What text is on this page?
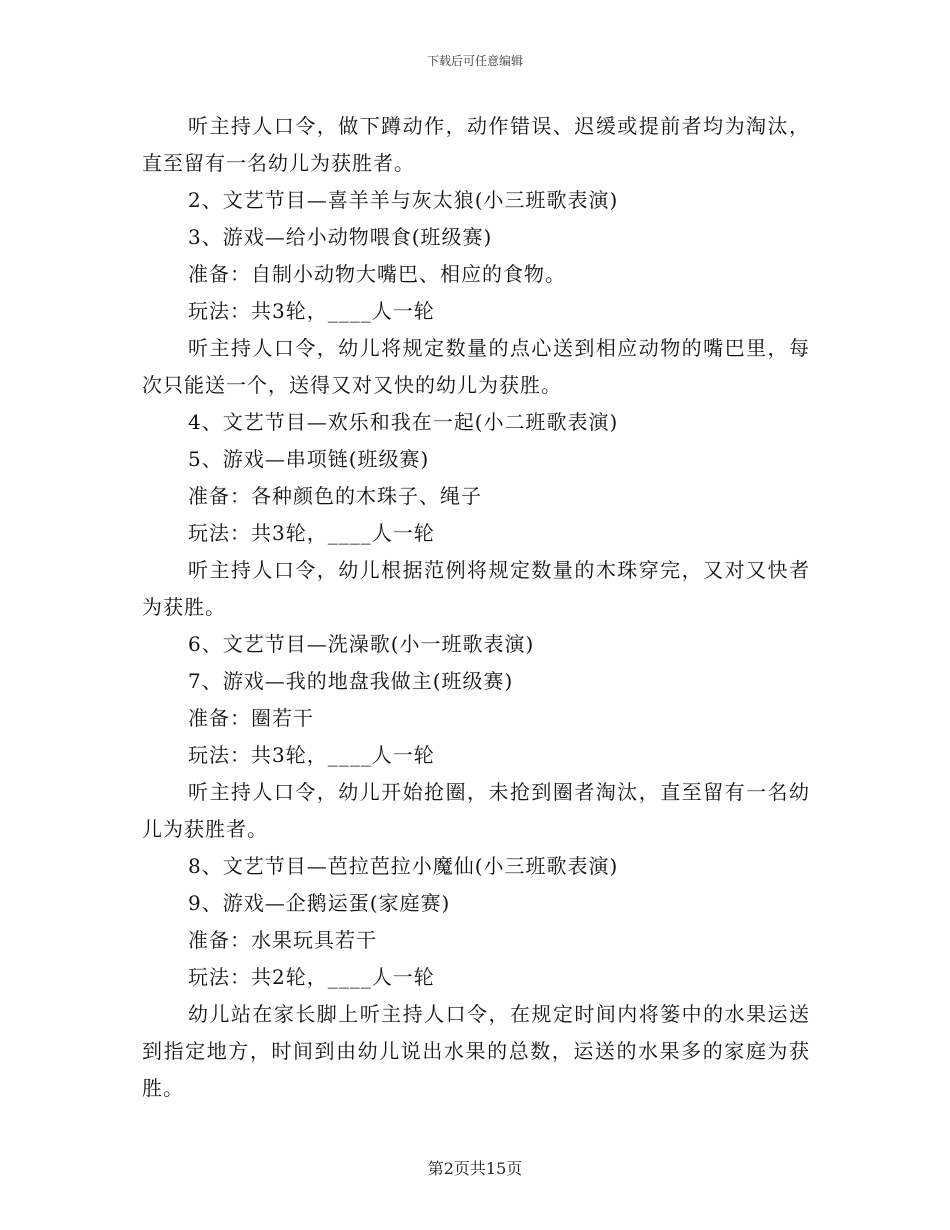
下载后可任意编辑

听主持人口令，做下蹲动作，动作错误、迟缓或提前者均为淘汰，直至留有一名幼儿为获胜者。

2、文艺节目—喜羊羊与灰太狼(小三班歌表演)

3、游戏—给小动物喂食(班级赛)

准备：自制小动物大嘴巴、相应的食物。

玩法：共3轮，____人一轮

听主持人口令，幼儿将规定数量的点心送到相应动物的嘴巴里，每次只能送一个，送得又对又快的幼儿为获胜。

4、文艺节目—欢乐和我在一起(小二班歌表演)

5、游戏—串项链(班级赛)

准备：各种颜色的木珠子、绳子

玩法：共3轮，____人一轮

听主持人口令，幼儿根据范例将规定数量的木珠穿完，又对又快者为获胜。

6、文艺节目—洗澡歌(小一班歌表演)

7、游戏—我的地盘我做主(班级赛)

准备：圈若干

玩法：共3轮，____人一轮

听主持人口令，幼儿开始抢圈，未抢到圈者淘汰，直至留有一名幼儿为获胜者。

8、文艺节目—芭拉芭拉小魔仙(小三班歌表演)

9、游戏—企鹅运蛋(家庭赛)

准备：水果玩具若干

玩法：共2轮，____人一轮

幼儿站在家长脚上听主持人口令，在规定时间内将篓中的水果运送到指定地方，时间到由幼儿说出水果的总数，运送的水果多的家庭为获胜。

第2页共15页
